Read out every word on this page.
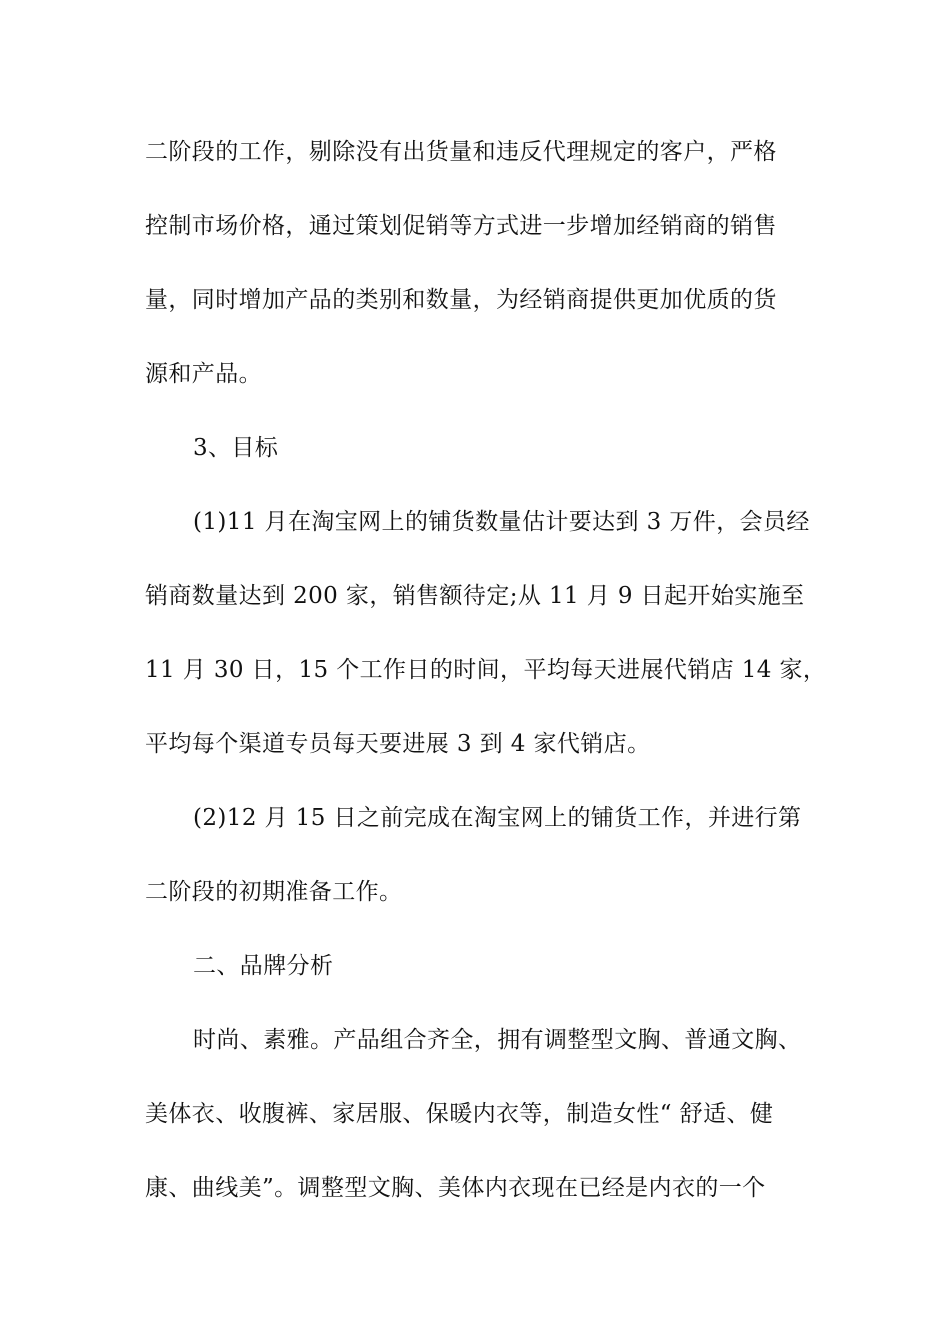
二阶段的工作，剔除没有出货量和违反代理规定的客户，严格
控制市场价格，通过策划促销等方式进一步增加经销商的销售
量，同时增加产品的类别和数量，为经销商提供更加优质的货
源和产品。
3、目标
(1)11 月在淘宝网上的铺货数量估计要达到 3 万件，会员经
销商数量达到 200 家，销售额待定;从 11 月 9 日起开始实施至
11 月 30 日，15 个工作日的时间，平均每天进展代销店 14 家，
平均每个渠道专员每天要进展 3 到 4 家代销店。
(2)12 月 15 日之前完成在淘宝网上的铺货工作，并进行第
二阶段的初期准备工作。
二、品牌分析
时尚、素雅。产品组合齐全，拥有调整型文胸、普通文胸、
美体衣、收腹裤、家居服、保暖内衣等，制造女性“ 舒适、健
康、曲线美”。调整型文胸、美体内衣现在已经是内衣的一个
